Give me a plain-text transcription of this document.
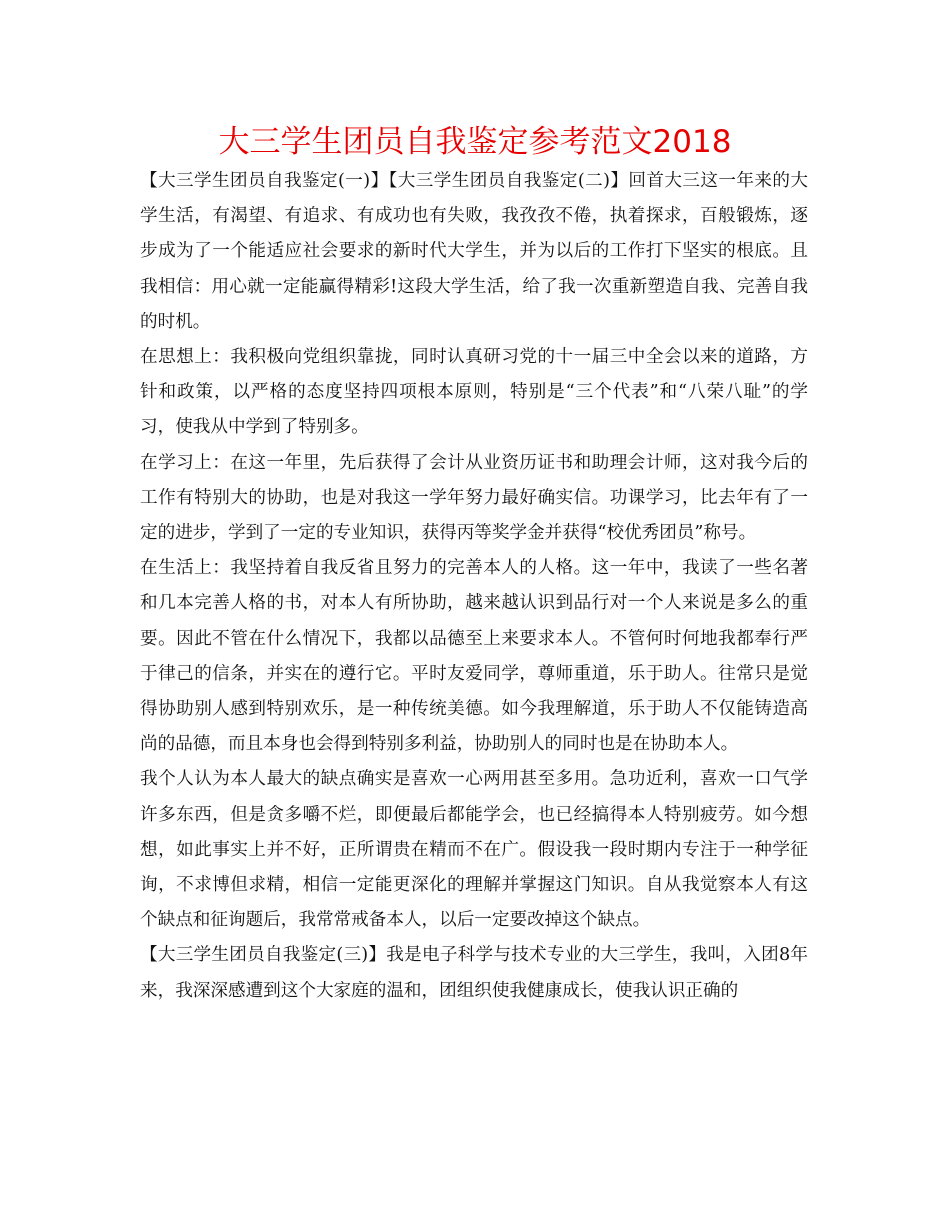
大三学生团员自我鉴定参考范文2018

【大三学生团员自我鉴定(一)】【大三学生团员自我鉴定(二)】回首大三这一年来的大学生活，有渴望、有追求、有成功也有失败，我孜孜不倦，执着探求，百般锻炼，逐步成为了一个能适应社会要求的新时代大学生，并为以后的工作打下坚实的根底。且我相信：用心就一定能赢得精彩!这段大学生活，给了我一次重新塑造自我、完善自我的时机。

在思想上：我积极向党组织靠拢，同时认真研习党的十一届三中全会以来的道路，方针和政策，以严格的态度坚持四项根本原则，特别是“三个代表”和“八荣八耻”的学习，使我从中学到了特别多。

在学习上：在这一年里，先后获得了会计从业资历证书和助理会计师，这对我今后的工作有特别大的协助，也是对我这一学年努力最好确实信。功课学习，比去年有了一定的进步，学到了一定的专业知识，获得丙等奖学金并获得“校优秀团员”称号。

在生活上：我坚持着自我反省且努力的完善本人的人格。这一年中，我读了一些名著和几本完善人格的书，对本人有所协助，越来越认识到品行对一个人来说是多么的重要。因此不管在什么情况下，我都以品德至上来要求本人。不管何时何地我都奉行严于律己的信条，并实在的遵行它。平时友爱同学，尊师重道，乐于助人。往常只是觉得协助别人感到特别欢乐，是一种传统美德。如今我理解道，乐于助人不仅能铸造高尚的品德，而且本身也会得到特别多利益，协助别人的同时也是在协助本人。

我个人认为本人最大的缺点确实是喜欢一心两用甚至多用。急功近利，喜欢一口气学许多东西，但是贪多嚼不烂，即便最后都能学会，也已经搞得本人特别疲劳。如今想想，如此事实上并不好，正所谓贵在精而不在广。假设我一段时期内专注于一种学征询，不求博但求精，相信一定能更深化的理解并掌握这门知识。自从我觉察本人有这个缺点和征询题后，我常常戒备本人，以后一定要改掉这个缺点。

【大三学生团员自我鉴定(三)】我是电子科学与技术专业的大三学生，我叫，入团8年来，我深深感遭到这个大家庭的温和，团组织使我健康成长，使我认识正确的
